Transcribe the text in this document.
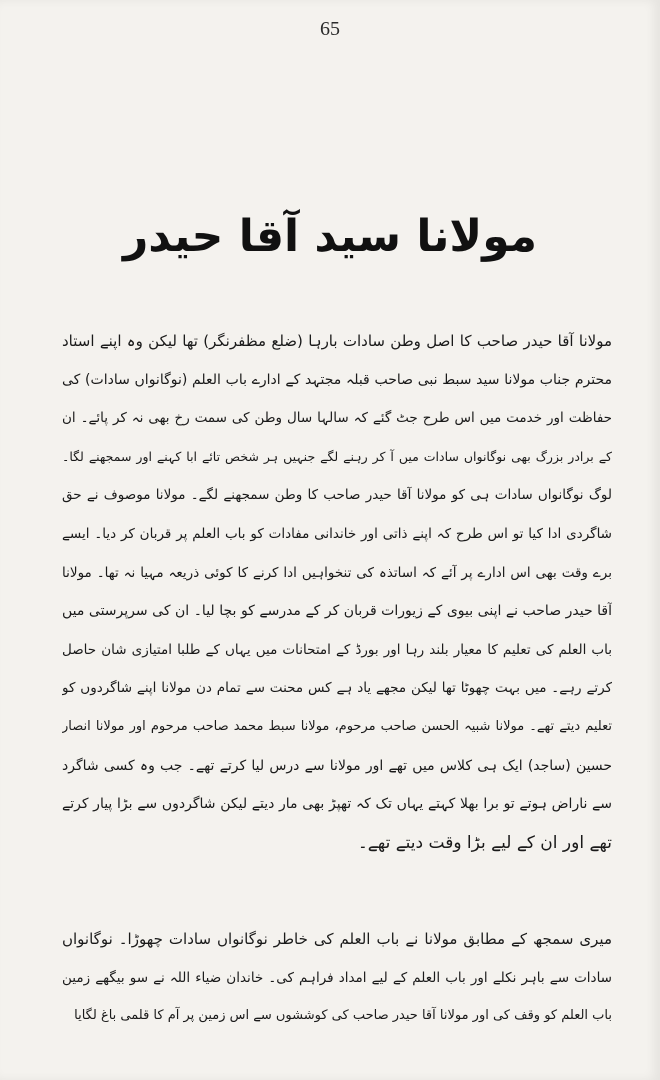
65
مولانا سید آقا حیدر
مولانا آقا حیدر صاحب کا اصل وطن سادات بارہا (ضلع مظفرنگر) تھا لیکن وہ اپنے استاد
محترم جناب مولانا سید سبط نبی صاحب قبلہ مجتہد کے ادارے باب العلم (نوگانواں سادات) کی
حفاظت اور خدمت میں اس طرح جٹ گئے کہ سالہا سال وطن کی سمت رخ بھی نہ کر پائے۔ ان
کے برادر بزرگ بھی نوگانواں سادات میں آ کر رہنے لگے جنہیں ہر شخص تائے ابا کہنے اور سمجھنے لگا۔
لوگ نوگانواں سادات ہی کو مولانا آقا حیدر صاحب کا وطن سمجھنے لگے۔ مولانا موصوف نے حق
شاگردی ادا کیا تو اس طرح کہ اپنے ذاتی اور خاندانی مفادات کو باب العلم پر قربان کر دیا۔ ایسے
برے وقت بھی اس ادارے پر آئے کہ اساتذہ کی تنخواہیں ادا کرنے کا کوئی ذریعہ مہیا نہ تھا۔ مولانا
آقا حیدر صاحب نے اپنی بیوی کے زیورات قربان کر کے مدرسے کو بچا لیا۔ ان کی سرپرستی میں
باب العلم کی تعلیم کا معیار بلند رہا اور بورڈ کے امتحانات میں یہاں کے طلبا امتیازی شان حاصل
کرتے رہے۔ میں بہت چھوٹا تھا لیکن مجھے یاد ہے کس محنت سے تمام دن مولانا اپنے شاگردوں کو
تعلیم دیتے تھے۔ مولانا شبیہ الحسن صاحب مرحوم، مولانا سبط محمد صاحب مرحوم اور مولانا انصار
حسین (ساجد) ایک ہی کلاس میں تھے اور مولانا سے درس لیا کرتے تھے۔ جب وہ کسی شاگرد
سے ناراض ہوتے تو برا بھلا کہتے یہاں تک کہ تھپڑ بھی مار دیتے لیکن شاگردوں سے بڑا پیار کرتے
تھے اور ان کے لیے بڑا وقت دیتے تھے۔
میری سمجھ کے مطابق مولانا نے باب العلم کی خاطر نوگانواں سادات چھوڑا۔ نوگانواں
سادات سے باہر نکلے اور باب العلم کے لیے امداد فراہم کی۔ خاندان ضیاء اللہ نے سو بیگھے زمین
باب العلم کو وقف کی اور مولانا آقا حیدر صاحب کی کوششوں سے اس زمین پر آم کا قلمی باغ لگایا
